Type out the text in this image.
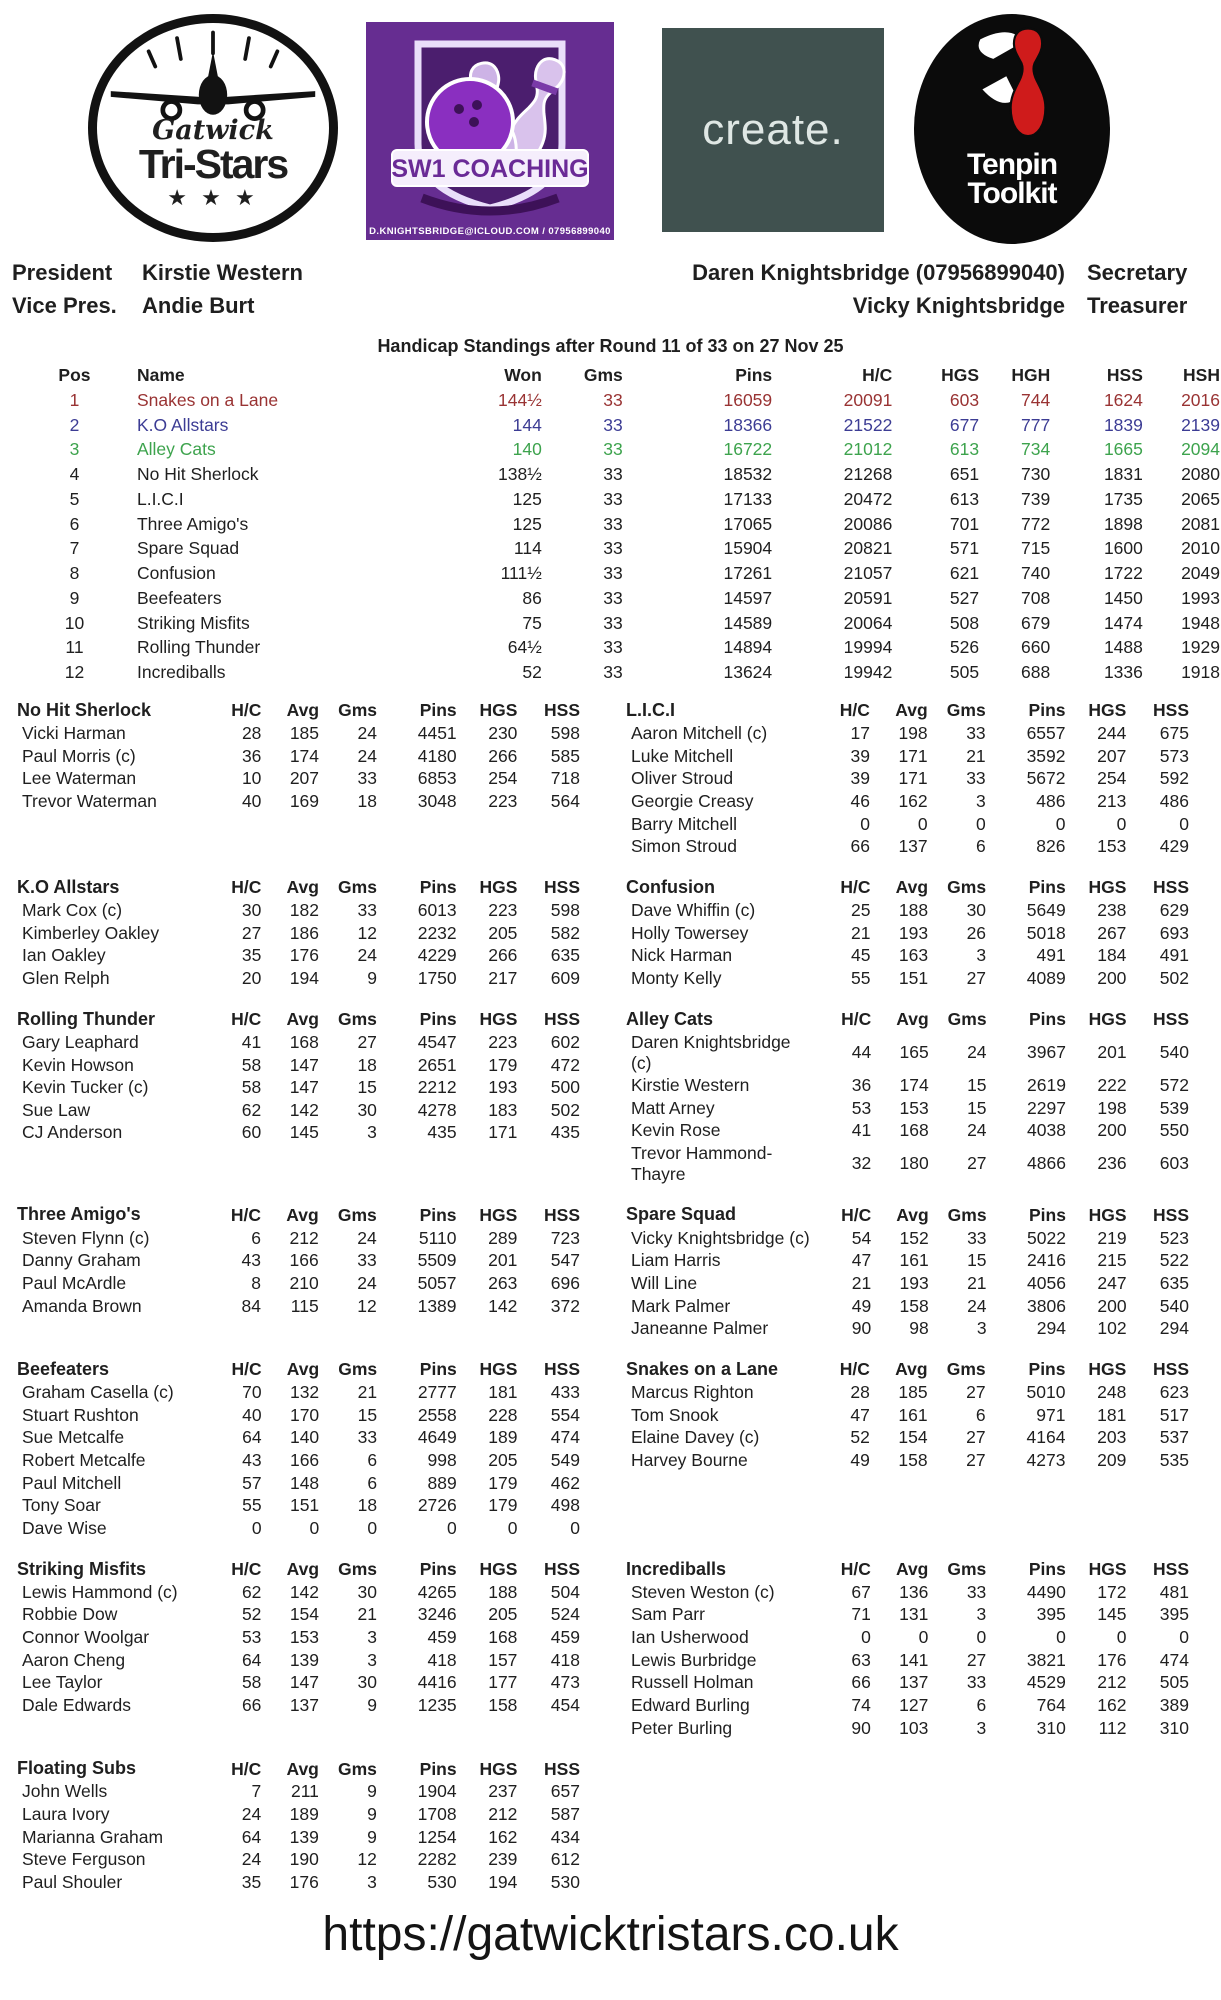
Gatwick
Tri-Stars
★ ★ ★
SW1 COACHING
D.KNIGHTSBRIDGE@ICLOUD.COM / 07956899040
create.
Tenpin
Toolkit
President	Kirstie Western
Vice Pres.	Andie Burt
Daren Knightsbridge (07956899040) Secretary
Vicky Knightsbridge Treasurer
Handicap Standings after Round 11 of 33 on 27 Nov 25
Pos	Name	Won	Gms	Pins	H/C	HGS	HGH	HSS	HSH
1	Snakes on a Lane	144½	33	16059	20091	603	744	1624	2016
2	K.O Allstars	144	33	18366	21522	677	777	1839	2139
3	Alley Cats	140	33	16722	21012	613	734	1665	2094
4	No Hit Sherlock	138½	33	18532	21268	651	730	1831	2080
5	L.I.C.I	125	33	17133	20472	613	739	1735	2065
6	Three Amigo's	125	33	17065	20086	701	772	1898	2081
7	Spare Squad	114	33	15904	20821	571	715	1600	2010
8	Confusion	111½	33	17261	21057	621	740	1722	2049
9	Beefeaters	86	33	14597	20591	527	708	1450	1993
10	Striking Misfits	75	33	14589	20064	508	679	1474	1948
11	Rolling Thunder	64½	33	14894	19994	526	660	1488	1929
12	Incrediballs	52	33	13624	19942	505	688	1336	1918
No Hit Sherlock	H/C	Avg	Gms	Pins	HGS	HSS
Vicki Harman	28	185	24	4451	230	598
Paul Morris (c)	36	174	24	4180	266	585
Lee Waterman	10	207	33	6853	254	718
Trevor Waterman	40	169	18	3048	223	564
L.I.C.I	H/C	Avg	Gms	Pins	HGS	HSS
Aaron Mitchell (c)	17	198	33	6557	244	675
Luke Mitchell	39	171	21	3592	207	573
Oliver Stroud	39	171	33	5672	254	592
Georgie Creasy	46	162	3	486	213	486
Barry Mitchell	0	0	0	0	0	0
Simon Stroud	66	137	6	826	153	429
K.O Allstars	H/C	Avg	Gms	Pins	HGS	HSS
Mark Cox (c)	30	182	33	6013	223	598
Kimberley Oakley	27	186	12	2232	205	582
Ian Oakley	35	176	24	4229	266	635
Glen Relph	20	194	9	1750	217	609
Confusion	H/C	Avg	Gms	Pins	HGS	HSS
Dave Whiffin (c)	25	188	30	5649	238	629
Holly Towersey	21	193	26	5018	267	693
Nick Harman	45	163	3	491	184	491
Monty Kelly	55	151	27	4089	200	502
Rolling Thunder	H/C	Avg	Gms	Pins	HGS	HSS
Gary Leaphard	41	168	27	4547	223	602
Kevin Howson	58	147	18	2651	179	472
Kevin Tucker (c)	58	147	15	2212	193	500
Sue Law	62	142	30	4278	183	502
CJ Anderson	60	145	3	435	171	435
Alley Cats	H/C	Avg	Gms	Pins	HGS	HSS
Daren Knightsbridge (c)	44	165	24	3967	201	540
Kirstie Western	36	174	15	2619	222	572
Matt Arney	53	153	15	2297	198	539
Kevin Rose	41	168	24	4038	200	550
Trevor Hammond-Thayre	32	180	27	4866	236	603
Three Amigo's	H/C	Avg	Gms	Pins	HGS	HSS
Steven Flynn (c)	6	212	24	5110	289	723
Danny Graham	43	166	33	5509	201	547
Paul McArdle	8	210	24	5057	263	696
Amanda Brown	84	115	12	1389	142	372
Spare Squad	H/C	Avg	Gms	Pins	HGS	HSS
Vicky Knightsbridge (c)	54	152	33	5022	219	523
Liam Harris	47	161	15	2416	215	522
Will Line	21	193	21	4056	247	635
Mark Palmer	49	158	24	3806	200	540
Janeanne Palmer	90	98	3	294	102	294
Beefeaters	H/C	Avg	Gms	Pins	HGS	HSS
Graham Casella (c)	70	132	21	2777	181	433
Stuart Rushton	40	170	15	2558	228	554
Sue Metcalfe	64	140	33	4649	189	474
Robert Metcalfe	43	166	6	998	205	549
Paul Mitchell	57	148	6	889	179	462
Tony Soar	55	151	18	2726	179	498
Dave Wise	0	0	0	0	0	0
Snakes on a Lane	H/C	Avg	Gms	Pins	HGS	HSS
Marcus Righton	28	185	27	5010	248	623
Tom Snook	47	161	6	971	181	517
Elaine Davey (c)	52	154	27	4164	203	537
Harvey Bourne	49	158	27	4273	209	535
Striking Misfits	H/C	Avg	Gms	Pins	HGS	HSS
Lewis Hammond (c)	62	142	30	4265	188	504
Robbie Dow	52	154	21	3246	205	524
Connor Woolgar	53	153	3	459	168	459
Aaron Cheng	64	139	3	418	157	418
Lee Taylor	58	147	30	4416	177	473
Dale Edwards	66	137	9	1235	158	454
Incrediballs	H/C	Avg	Gms	Pins	HGS	HSS
Steven Weston (c)	67	136	33	4490	172	481
Sam Parr	71	131	3	395	145	395
Ian Usherwood	0	0	0	0	0	0
Lewis Burbridge	63	141	27	3821	176	474
Russell Holman	66	137	33	4529	212	505
Edward Burling	74	127	6	764	162	389
Peter Burling	90	103	3	310	112	310
Floating Subs	H/C	Avg	Gms	Pins	HGS	HSS
John Wells	7	211	9	1904	237	657
Laura Ivory	24	189	9	1708	212	587
Marianna Graham	64	139	9	1254	162	434
Steve Ferguson	24	190	12	2282	239	612
Paul Shouler	35	176	3	530	194	530
https://gatwicktristars.co.uk
